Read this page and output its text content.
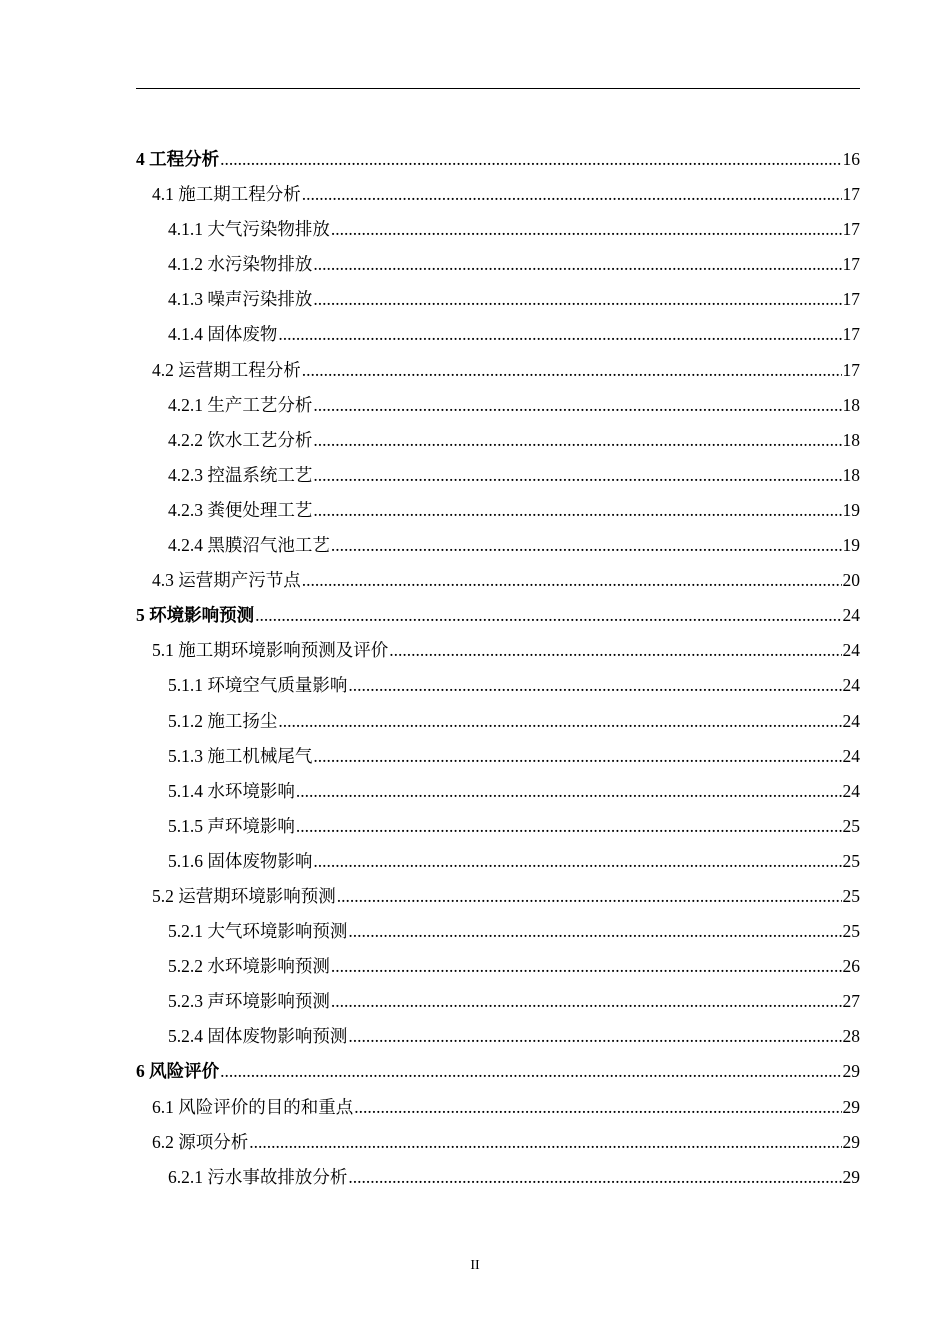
4 工程分析 .....	16
4.1 施工期工程分析 .....	17
4.1.1 大气污染物排放 .....	17
4.1.2 水污染物排放 .....	17
4.1.3 噪声污染排放 .....	17
4.1.4 固体废物 .....	17
4.2 运营期工程分析 .....	17
4.2.1 生产工艺分析 .....	18
4.2.2 饮水工艺分析 .....	18
4.2.3 控温系统工艺 .....	18
4.2.3 粪便处理工艺 .....	19
4.2.4 黑膜沼气池工艺 .....	19
4.3 运营期产污节点 .....	20
5 环境影响预测 .....	24
5.1 施工期环境影响预测及评价 .....	24
5.1.1 环境空气质量影响 .....	24
5.1.2 施工扬尘 .....	24
5.1.3 施工机械尾气 .....	24
5.1.4 水环境影响 .....	24
5.1.5 声环境影响 .....	25
5.1.6 固体废物影响 .....	25
5.2 运营期环境影响预测 .....	25
5.2.1 大气环境影响预测 .....	25
5.2.2 水环境影响预测 .....	26
5.2.3 声环境影响预测 .....	27
5.2.4 固体废物影响预测 .....	28
6 风险评价 .....	29
6.1 风险评价的目的和重点 .....	29
6.2 源项分析 .....	29
6.2.1 污水事故排放分析 .....	29
II
